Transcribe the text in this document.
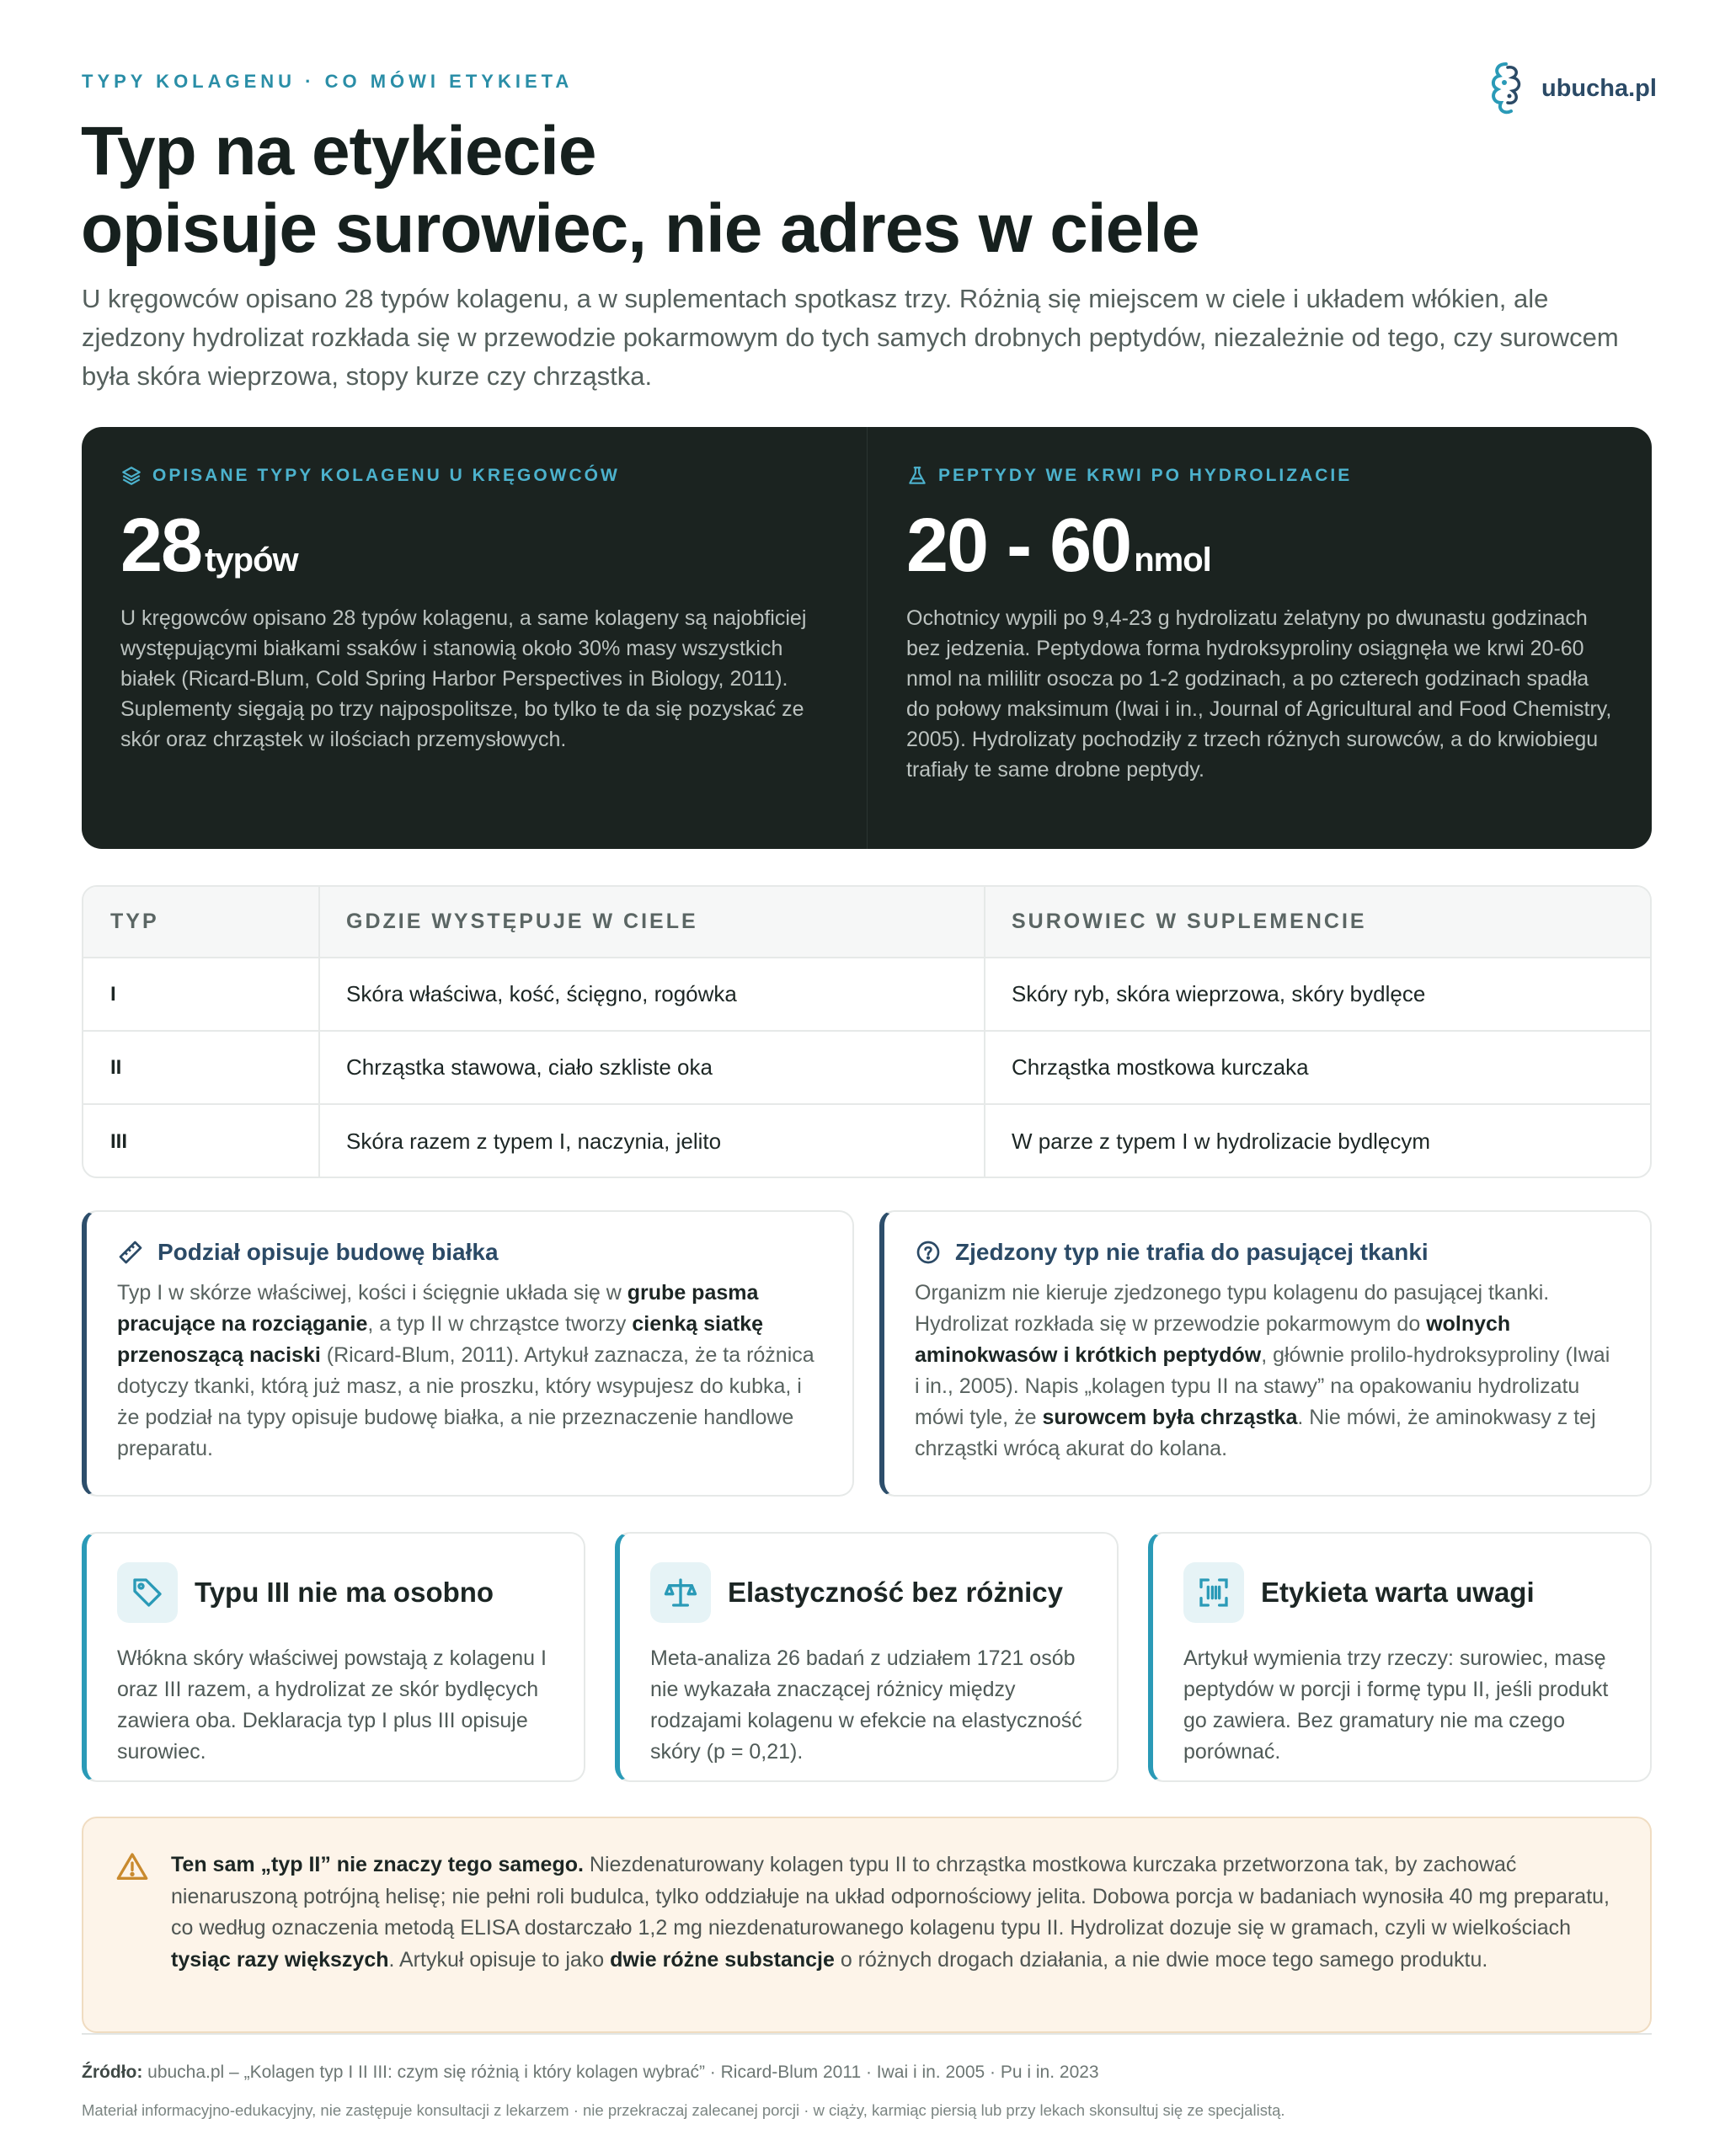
TYPY KOLAGENU · CO MÓWI ETYKIETA	ubucha.pl
Typ na etykiecie
opisuje surowiec, nie adres w ciele

U kręgowców opisano 28 typów kolagenu, a w suplementach spotkasz trzy. Różnią się miejscem w ciele i układem włókien, ale zjedzony hydrolizat rozkłada się w przewodzie pokarmowym do tych samych drobnych peptydów, niezależnie od tego, czy surowcem była skóra wieprzowa, stopy kurze czy chrząstka.

OPISANE TYPY KOLAGENU U KRĘGOWCÓW
28 typów

U kręgowców opisano 28 typów kolagenu, a same kolageny są najobficiej występującymi białkami ssaków i stanowią około 30% masy wszystkich białek (Ricard-Blum, Cold Spring Harbor Perspectives in Biology, 2011). Suplementy sięgają po trzy najpospolitsze, bo tylko te da się pozyskać ze skór oraz chrząstek w ilościach przemysłowych.

PEPTYDY WE KRWI PO HYDROLIZACIE
20 - 60 nmol

Ochotnicy wypili po 9,4-23 g hydrolizatu żelatyny po dwunastu godzinach bez jedzenia. Peptydowa forma hydroksyproliny osiągnęła we krwi 20-60 nmol na mililitr osocza po 1-2 godzinach, a po czterech godzinach spadła do połowy maksimum (Iwai i in., Journal of Agricultural and Food Chemistry, 2005). Hydrolizaty pochodziły z trzech różnych surowców, a do krwiobiegu trafiały te same drobne peptydy.

TYP	GDZIE WYSTĘPUJE W CIELE	SUROWIEC W SUPLEMENCIE
I	Skóra właściwa, kość, ścięgno, rogówka	Skóry ryb, skóra wieprzowa, skóry bydlęce
II	Chrząstka stawowa, ciało szkliste oka	Chrząstka mostkowa kurczaka
III	Skóra razem z typem I, naczynia, jelito	W parze z typem I w hydrolizacie bydlęcym
Podział opisuje budowę białka

Typ I w skórze właściwej, kości i ścięgnie układa się w grube pasma pracujące na rozciąganie, a typ II w chrząstce tworzy cienką siatkę przenoszącą naciski (Ricard-Blum, 2011). Artykuł zaznacza, że ta różnica dotyczy tkanki, którą już masz, a nie proszku, który wsypujesz do kubka, i że podział na typy opisuje budowę białka, a nie przeznaczenie handlowe preparatu.

Zjedzony typ nie trafia do pasującej tkanki

Organizm nie kieruje zjedzonego typu kolagenu do pasującej tkanki. Hydrolizat rozkłada się w przewodzie pokarmowym do wolnych aminokwasów i krótkich peptydów, głównie prolilo-hydroksyproliny (Iwai i in., 2005). Napis „kolagen typu II na stawy” na opakowaniu hydrolizatu mówi tyle, że surowcem była chrząstka. Nie mówi, że aminokwasy z tej chrząstki wrócą akurat do kolana.

Typu III nie ma osobno

Włókna skóry właściwej powstają z kolagenu I oraz III razem, a hydrolizat ze skór bydlęcych zawiera oba. Deklaracja typ I plus III opisuje surowiec.

Elastyczność bez różnicy

Meta-analiza 26 badań z udziałem 1721 osób nie wykazała znaczącej różnicy między rodzajami kolagenu w efekcie na elastyczność skóry (p = 0,21).

Etykieta warta uwagi

Artykuł wymienia trzy rzeczy: surowiec, masę peptydów w porcji i formę typu II, jeśli produkt go zawiera. Bez gramatury nie ma czego porównać.

Ten sam „typ II” nie znaczy tego samego. Niezdenaturowany kolagen typu II to chrząstka mostkowa kurczaka przetworzona tak, by zachować nienaruszoną potrójną helisę; nie pełni roli budulca, tylko oddziałuje na układ odpornościowy jelita. Dobowa porcja w badaniach wynosiła 40 mg preparatu, co według oznaczenia metodą ELISA dostarczało 1,2 mg niezdenaturowanego kolagenu typu II. Hydrolizat dozuje się w gramach, czyli w wielkościach tysiąc razy większych. Artykuł opisuje to jako dwie różne substancje o różnych drogach działania, a nie dwie moce tego samego produktu.

Źródło: ubucha.pl – „Kolagen typ I II III: czym się różnią i który kolagen wybrać” · Ricard-Blum 2011 · Iwai i in. 2005 · Pu i in. 2023

Materiał informacyjno-edukacyjny, nie zastępuje konsultacji z lekarzem · nie przekraczaj zalecanej porcji · w ciąży, karmiąc piersią lub przy lekach skonsultuj się ze specjalistą.
